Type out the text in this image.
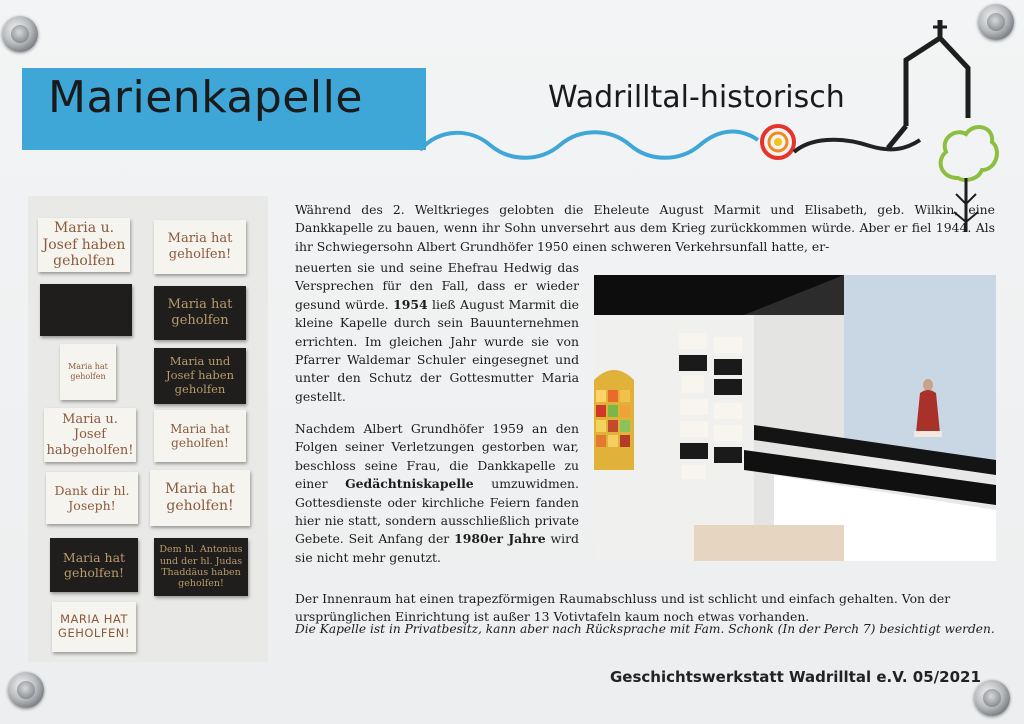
Marienkapelle	Wadrilltal-historisch
Maria u. Josef haben geholfen
Maria hat geholfen!
Maria hat geholfen
Maria hat geholfen
Maria und Josef haben geholfen
Maria u. Josef habgeholfen!
Maria hat geholfen!
Dank dir hl. Joseph!
Maria hat geholfen!
Maria hat geholfen!
Dem hl. Antonius und der hl. Judas Thaddäus haben geholfen!
MARIA HAT GEHOLFEN!
Während des 2. Weltkrieges gelobten die Eheleute August Marmit und Elisabeth, geb. Wilkin, eine Dankkapelle zu bauen, wenn ihr Sohn unversehrt aus dem Krieg zurückkommen würde. Aber er fiel 1944. Als ihr Schwiegersohn Albert Grundhöfer 1950 einen schweren Verkehrsunfall hatte, er-
neuerten sie und seine Ehefrau Hedwig das Versprechen für den Fall, dass er wieder gesund würde. 1954 ließ August Marmit die kleine Kapelle durch sein Bauunternehmen errichten. Im gleichen Jahr wurde sie von Pfarrer Waldemar Schuler eingesegnet und unter den Schutz der Gottesmutter Maria gestellt.
Nachdem Albert Grundhöfer 1959 an den Folgen seiner Verletzungen gestorben war, beschloss seine Frau, die Dankkapelle zu einer Gedächtniskapelle umzuwidmen. Gottesdienste oder kirchliche Feiern fanden hier nie statt, sondern ausschließlich private Gebete. Seit Anfang der 1980er Jahre wird sie nicht mehr genutzt.
Der Innenraum hat einen trapezförmigen Raumabschluss und ist schlicht und einfach gehalten. Von der ursprünglichen Einrichtung ist außer 13 Votivtafeln kaum noch etwas vorhanden.
Die Kapelle ist in Privatbesitz, kann aber nach Rücksprache mit Fam. Schonk (In der Perch 7) besichtigt werden.
Geschichtswerkstatt Wadrilltal e.V. 05/2021
